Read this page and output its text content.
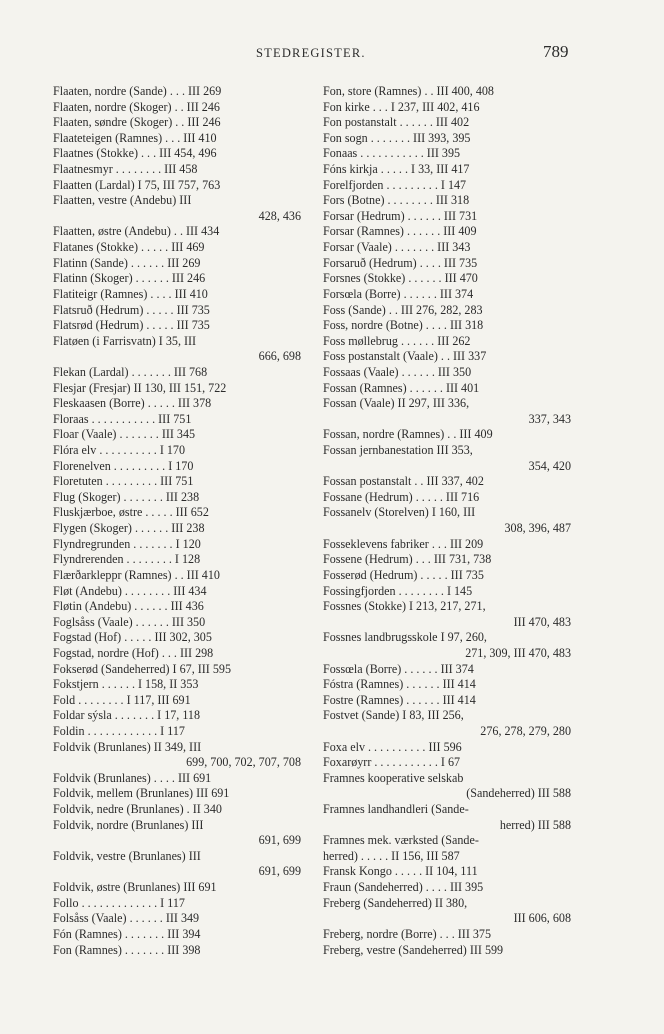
STEDREGISTER.	789
Flaaten, nordre (Sande) . . . III 269
Flaaten, nordre (Skoger) . . III 246
Flaaten, søndre (Skoger) . . III 246
Flaateteigen (Ramnes) . . . III 410
Flaatnes (Stokke) . . . III 454, 496
Flaatnesmyr . . . . . . . . III 458
Flaatten (Lardal) I 75, III 757, 763
Flaatten, vestre (Andebu) III
428, 436
Flaatten, østre (Andebu) . . III 434
Flatanes (Stokke) . . . . . III 469
Flatinn (Sande) . . . . . . III 269
Flatinn (Skoger) . . . . . . III 246
Flatiteigr (Ramnes) . . . . III 410
Flatsruð (Hedrum) . . . . . III 735
Flatsrød (Hedrum) . . . . . III 735
Flatøen (i Farrisvatn) I 35, III
666, 698
Flekan (Lardal) . . . . . . . III 768
Flesjar (Fresjar) II 130, III 151, 722
Fleskaasen (Borre) . . . . . III 378
Floraas . . . . . . . . . . . III 751
Floar (Vaale) . . . . . . . III 345
Flóra elv . . . . . . . . . . I 170
Florenelven . . . . . . . . . I 170
Floretuten . . . . . . . . . III 751
Flug (Skoger) . . . . . . . III 238
Fluskjærboe, østre . . . . . III 652
Flygen (Skoger) . . . . . . III 238
Flyndregrunden . . . . . . . I 120
Flyndrerenden . . . . . . . . I 128
Flærðarkleppr (Ramnes) . . III 410
Fløt (Andebu) . . . . . . . . III 434
Fløtin (Andebu) . . . . . . III 436
Foglsåss (Vaale) . . . . . . III 350
Fogstad (Hof) . . . . . III 302, 305
Fogstad, nordre (Hof) . . . III 298
Fokserød (Sandeherred) I 67, III 595
Fokstjern . . . . . . I 158, II 353
Fold . . . . . . . . I 117, III 691
Foldar sýsla . . . . . . . I 17, 118
Foldin . . . . . . . . . . . . I 117
Foldvik (Brunlanes) II 349, III
699, 700, 702, 707, 708
Foldvik (Brunlanes) . . . . III 691
Foldvik, mellem (Brunlanes) III 691
Foldvik, nedre (Brunlanes) . II 340
Foldvik, nordre (Brunlanes) III
691, 699
Foldvik, vestre (Brunlanes) III
691, 699
Foldvik, østre (Brunlanes) III 691
Follo . . . . . . . . . . . . . I 117
Folsåss (Vaale) . . . . . . III 349
Fón (Ramnes) . . . . . . . III 394
Fon (Ramnes) . . . . . . . III 398
Fon, store (Ramnes) . . III 400, 408
Fon kirke . . . I 237, III 402, 416
Fon postanstalt . . . . . . III 402
Fon sogn . . . . . . . III 393, 395
Fonaas . . . . . . . . . . . III 395
Fóns kirkja . . . . . I 33, III 417
Forelfjorden . . . . . . . . . I 147
Fors (Botne) . . . . . . . . III 318
Forsar (Hedrum) . . . . . . III 731
Forsar (Ramnes) . . . . . . III 409
Forsar (Vaale) . . . . . . . III 343
Forsaruð (Hedrum) . . . . III 735
Forsnes (Stokke) . . . . . . III 470
Forsœla (Borre) . . . . . . III 374
Foss (Sande) . . III 276, 282, 283
Foss, nordre (Botne) . . . . III 318
Foss møllebrug . . . . . . III 262
Foss postanstalt (Vaale) . . III 337
Fossaas (Vaale) . . . . . . III 350
Fossan (Ramnes) . . . . . . III 401
Fossan (Vaale) II 297, III 336,
337, 343
Fossan, nordre (Ramnes) . . III 409
Fossan jernbanestation III 353,
354, 420
Fossan postanstalt . . III 337, 402
Fossane (Hedrum) . . . . . III 716
Fossanelv (Storelven) I 160, III
308, 396, 487
Fosseklevens fabriker . . . III 209
Fossene (Hedrum) . . . III 731, 738
Fosserød (Hedrum) . . . . . III 735
Fossingfjorden . . . . . . . . I 145
Fossnes (Stokke) I 213, 217, 271,
III 470, 483
Fossnes landbrugsskole I 97, 260,
271, 309, III 470, 483
Fossœla (Borre) . . . . . . III 374
Fóstra (Ramnes) . . . . . . III 414
Fostre (Ramnes) . . . . . . III 414
Fostvet (Sande) I 83, III 256,
276, 278, 279, 280
Foxa elv . . . . . . . . . . III 596
Foxarøyrr . . . . . . . . . . . I 67
Framnes kooperative selskab
(Sandeherred) III 588
Framnes landhandleri (Sande-
herred) III 588
Framnes mek. værksted (Sande-
herred) . . . . . II 156, III 587
Fransk Kongo . . . . . II 104, 111
Fraun (Sandeherred) . . . . III 395
Freberg (Sandeherred) II 380,
III 606, 608
Freberg, nordre (Borre) . . . III 375
Freberg, vestre (Sandeherred) III 599
